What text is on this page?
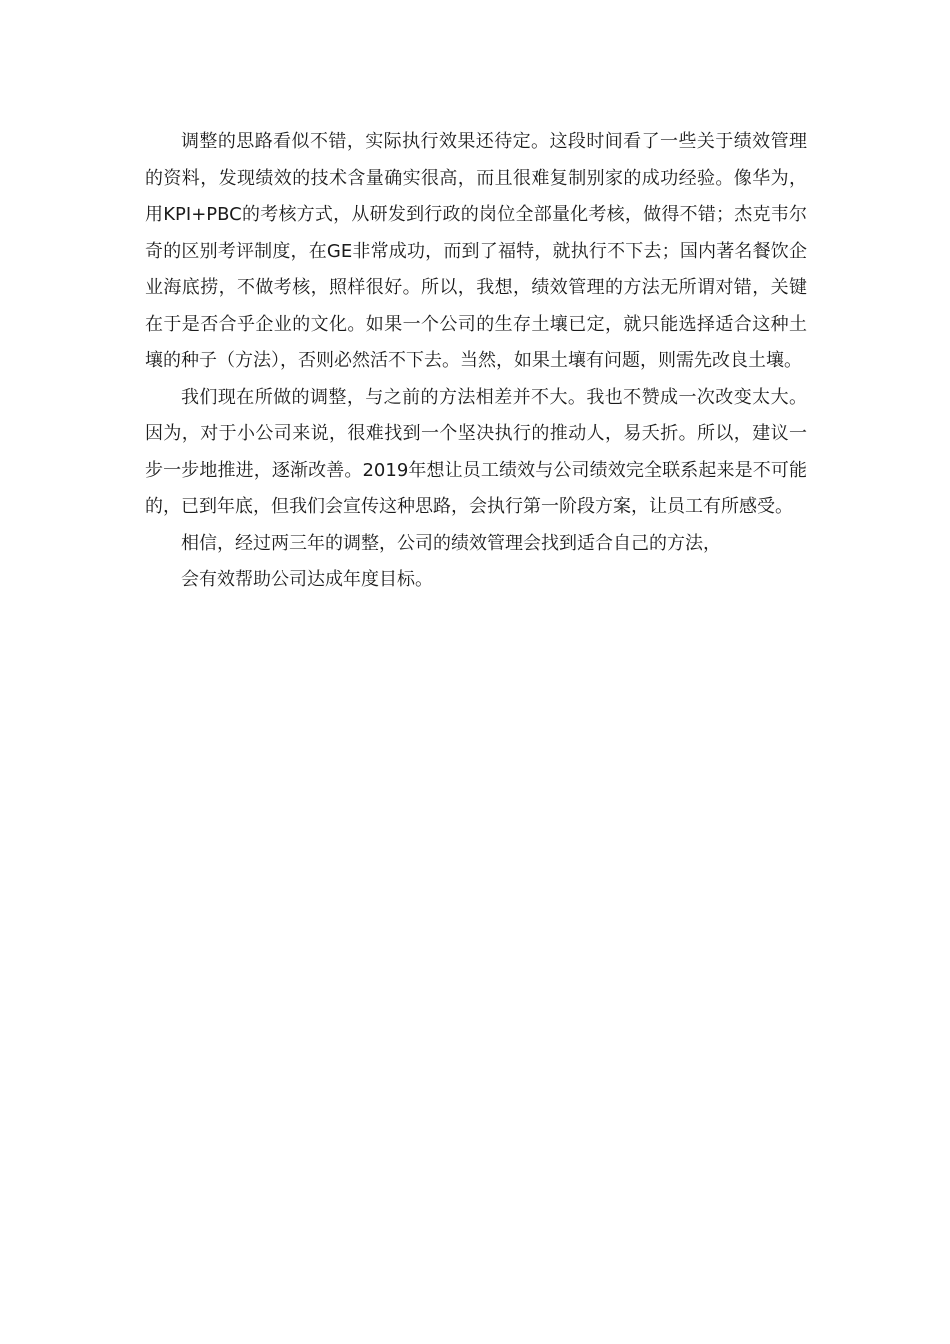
调整的思路看似不错，实际执行效果还待定。这段时间看了一些关于绩效管理的资料，发现绩效的技术含量确实很高，而且很难复制别家的成功经验。像华为，用KPI+PBC的考核方式，从研发到行政的岗位全部量化考核，做得不错；杰克韦尔奇的区别考评制度，在GE非常成功，而到了福特，就执行不下去；国内著名餐饮企业海底捞，不做考核，照样很好。所以，我想，绩效管理的方法无所谓对错，关键在于是否合乎企业的文化。如果一个公司的生存土壤已定，就只能选择适合这种土壤的种子（方法），否则必然活不下去。当然，如果土壤有问题，则需先改良土壤。

我们现在所做的调整，与之前的方法相差并不大。我也不赞成一次改变太大。因为，对于小公司来说，很难找到一个坚决执行的推动人，易夭折。所以，建议一步一步地推进，逐渐改善。2019年想让员工绩效与公司绩效完全联系起来是不可能的，已到年底，但我们会宣传这种思路，会执行第一阶段方案，让员工有所感受。

相信，经过两三年的调整，公司的绩效管理会找到适合自己的方法，

会有效帮助公司达成年度目标。
